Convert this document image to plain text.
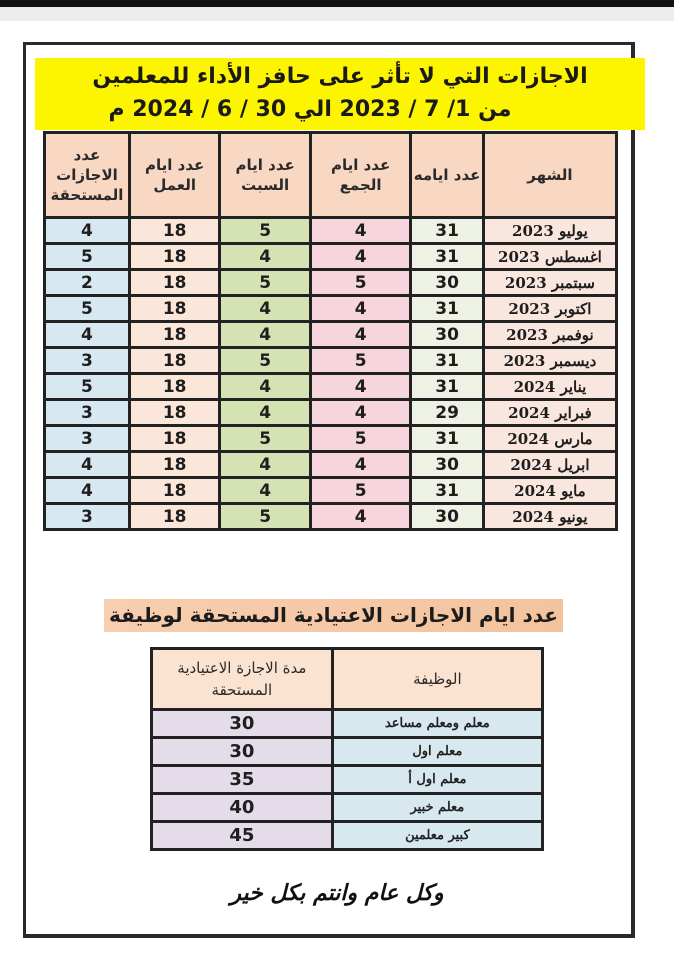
الاجازات التي لا تأثر على حافز الأداء للمعلمين
من 1/ 7 / 2023 الي 30 / 6 / 2024 م
الشهر	عدد ايامه	عدد ايام الجمع	عدد ايام السبت	عدد ايام العمل	عدد الاجازات المستحقة
يوليو 2023	31	4	5	18	4
اغسطس 2023	31	4	4	18	5
سبتمبر 2023	30	5	5	18	2
اكتوبر 2023	31	4	4	18	5
نوفمبر 2023	30	4	4	18	4
ديسمبر 2023	31	5	5	18	3
يناير 2024	31	4	4	18	5
فبراير 2024	29	4	4	18	3
مارس 2024	31	5	5	18	3
ابريل 2024	30	4	4	18	4
مايو 2024	31	5	4	18	4
يونيو 2024	30	4	5	18	3
عدد ايام الاجازات الاعتيادية المستحقة لوظيفة
الوظيفة	مدة الاجازة الاعتيادية المستحقة
معلم ومعلم مساعد	30
معلم اول	30
معلم اول أ	35
معلم خبير	40
كبير معلمين	45
وكل عام وانتم بكل خير
